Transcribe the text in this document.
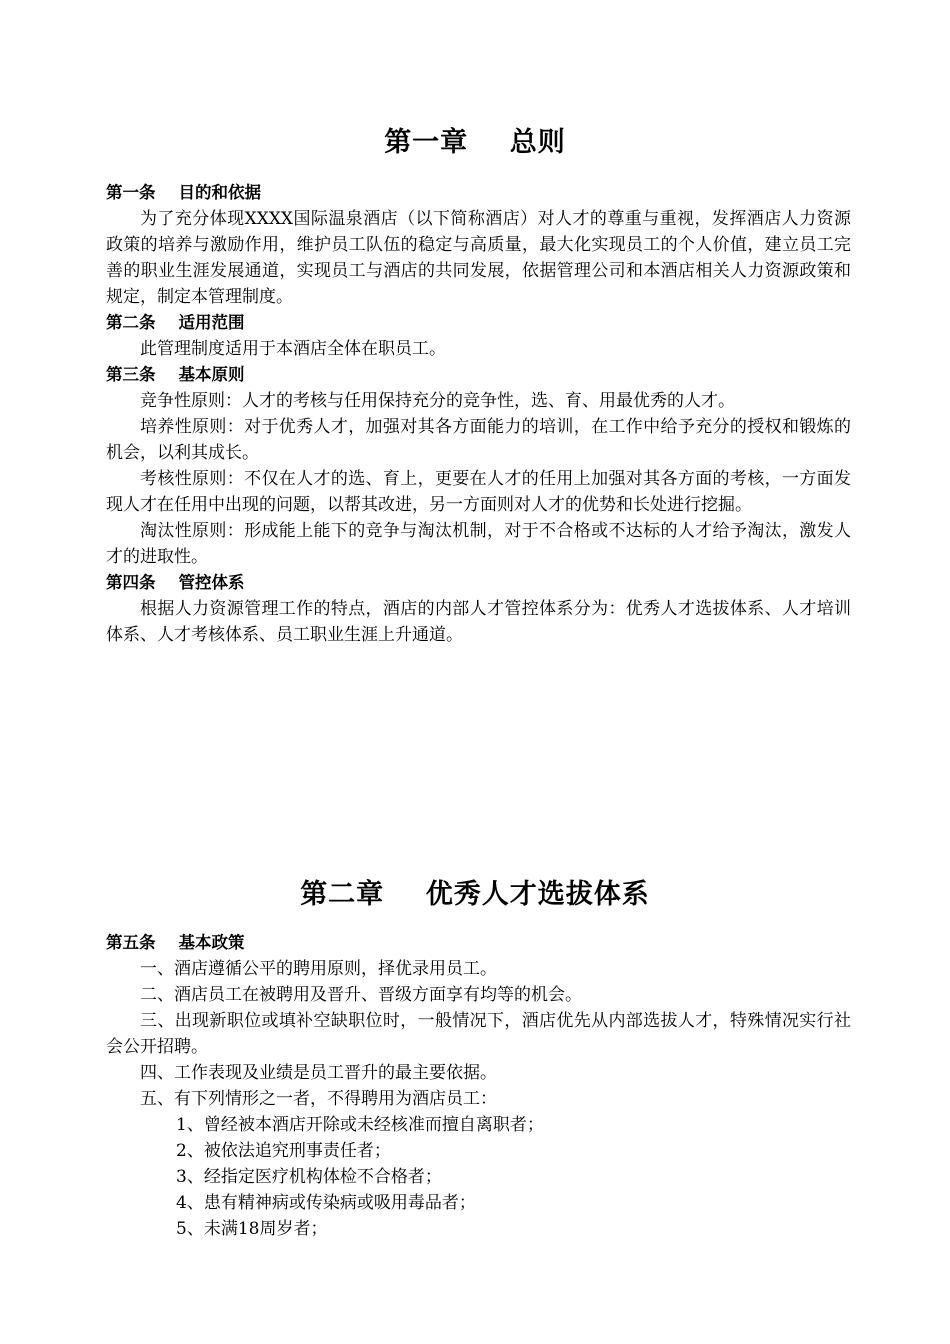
第一章    总则
第一条    目的和依据

为了充分体现XXXX国际温泉酒店（以下简称酒店）对人才的尊重与重视，发挥酒店人力资源政策的培养与激励作用，维护员工队伍的稳定与高质量，最大化实现员工的个人价值，建立员工完善的职业生涯发展通道，实现员工与酒店的共同发展，依据管理公司和本酒店相关人力资源政策和规定，制定本管理制度。

第二条    适用范围

此管理制度适用于本酒店全体在职员工。

第三条    基本原则

竞争性原则：人才的考核与任用保持充分的竞争性，选、育、用最优秀的人才。

培养性原则：对于优秀人才，加强对其各方面能力的培训，在工作中给予充分的授权和锻炼的机会，以利其成长。

考核性原则：不仅在人才的选、育上，更要在人才的任用上加强对其各方面的考核，一方面发现人才在任用中出现的问题，以帮其改进，另一方面则对人才的优势和长处进行挖掘。

淘汰性原则：形成能上能下的竞争与淘汰机制，对于不合格或不达标的人才给予淘汰，激发人才的进取性。

第四条    管控体系

根据人力资源管理工作的特点，酒店的内部人才管控体系分为：优秀人才选拔体系、人才培训体系、人才考核体系、员工职业生涯上升通道。

第二章    优秀人才选拔体系
第五条    基本政策

一、酒店遵循公平的聘用原则，择优录用员工。

二、酒店员工在被聘用及晋升、晋级方面享有均等的机会。

三、出现新职位或填补空缺职位时，一般情况下，酒店优先从内部选拔人才，特殊情况实行社会公开招聘。

四、工作表现及业绩是员工晋升的最主要依据。

五、有下列情形之一者，不得聘用为酒店员工：

1、曾经被本酒店开除或未经核准而擅自离职者；

2、被依法追究刑事责任者；

3、经指定医疗机构体检不合格者；

4、患有精神病或传染病或吸用毒品者；

5、未满18周岁者；
